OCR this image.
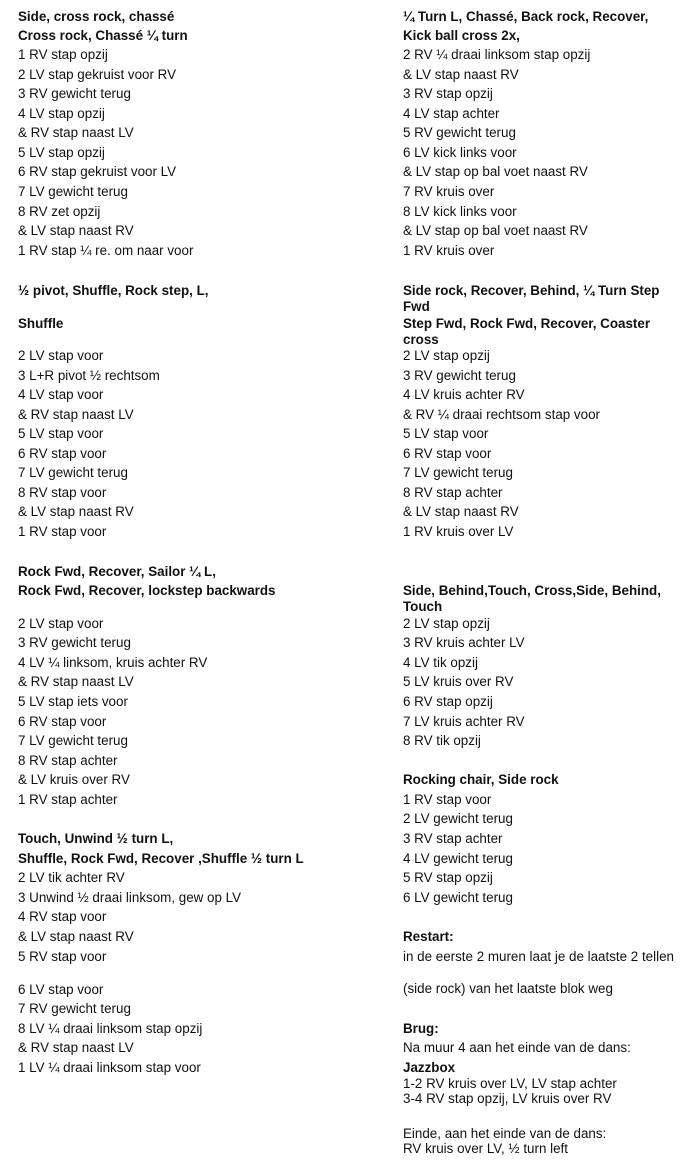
Side, cross rock, chassé
Cross rock, Chassé ¼ turn
1 RV stap opzij
2 LV stap gekruist voor RV
3 RV gewicht terug
4 LV stap opzij
& RV stap naast LV
5 LV stap opzij
6 RV stap gekruist voor LV
7 LV gewicht terug
8 RV zet opzij
& LV stap naast RV
1 RV stap ¼ re. om naar voor
½ pivot, Shuffle, Rock step, L,
Shuffle
2 LV stap voor
3 L+R pivot ½ rechtsom
4 LV stap voor
& RV stap naast LV
5 LV stap voor
6 RV stap voor
7 LV gewicht terug
8 RV stap voor
& LV stap naast RV
1 RV stap voor
Rock Fwd, Recover, Sailor ¼ L,
Rock Fwd, Recover, lockstep backwards
2 LV stap voor
3 RV gewicht terug
4 LV ¼ linksom, kruis achter RV
& RV stap naast LV
5 LV stap iets voor
6 RV stap voor
7 LV gewicht terug
8 RV stap achter
& LV kruis over RV
1 RV stap achter
Touch, Unwind ½ turn L,
Shuffle, Rock Fwd, Recover ,Shuffle ½ turn L
2 LV tik achter RV
3 Unwind ½ draai linksom, gew op LV
4 RV stap voor
& LV stap naast RV
5 RV stap voor
6 LV stap voor
7 RV gewicht terug
8 LV ¼ draai linksom stap opzij
& RV stap naast LV
1 LV ¼ draai linksom stap voor
¼ Turn L, Chassé, Back rock, Recover,
Kick ball cross 2x,
2 RV ¼ draai linksom stap opzij
& LV stap naast RV
3 RV stap opzij
4 LV stap achter
5 RV gewicht terug
6 LV kick links voor
& LV stap op bal voet naast RV
7 RV kruis over
8 LV kick links voor
& LV stap op bal voet naast RV
1 RV kruis over
Side rock, Recover, Behind, ¼ Turn Step Fwd
Step Fwd, Rock Fwd, Recover, Coaster cross
2 LV stap opzij
3 RV gewicht terug
4 LV kruis achter RV
& RV ¼ draai rechtsom stap voor
5 LV stap voor
6 RV stap voor
7 LV gewicht terug
8 RV stap achter
& LV stap naast RV
1 RV kruis over LV
Side, Behind,Touch, Cross,Side, Behind, Touch
2 LV stap opzij
3 RV kruis achter LV
4 LV tik opzij
5 LV kruis over RV
6 RV stap opzij
7 LV kruis achter RV
8 RV tik opzij
Rocking chair, Side rock
1 RV stap voor
2 LV gewicht terug
3 RV stap achter
4 LV gewicht terug
5 RV stap opzij
6 LV gewicht terug
Restart:
in de eerste 2 muren laat je de laatste 2 tellen
(side rock) van het laatste blok weg
Brug:
Na muur 4 aan het einde van de dans:
Jazzbox
1-2 RV kruis over LV, LV stap achter
3-4 RV stap opzij, LV kruis over RV
Einde, aan het einde van de dans:
RV kruis over LV, ½ turn left
